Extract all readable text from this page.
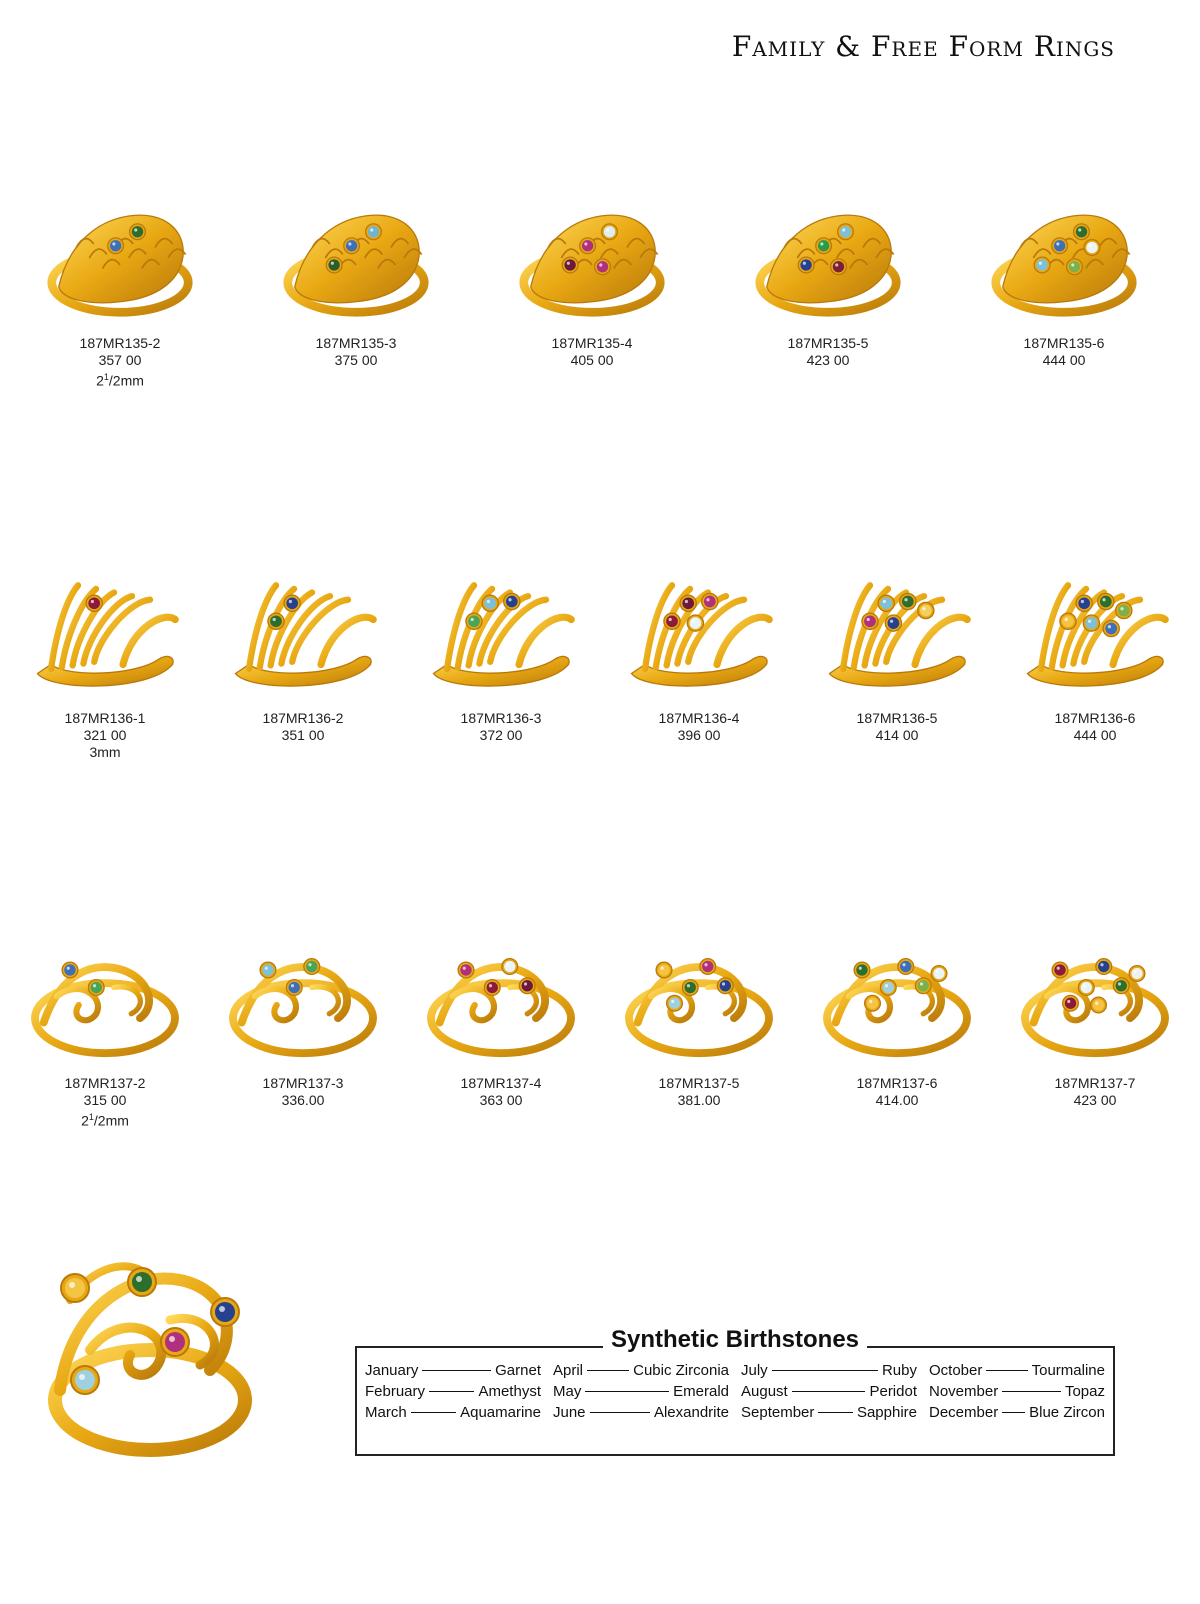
Family & Free Form Rings
187MR135-2
357 00
$2^1/2mm$
187MR135-3
375 00
187MR135-4
405 00
187MR135-5
423 00
187MR135-6
444 00
187MR136-1
321 00
3mm
187MR136-2
351 00
187MR136-3
372 00
187MR136-4
396 00
187MR136-5
414 00
187MR136-6
444 00
187MR137-2
315 00
$2^1/2mm$
187MR137-3
336.00
187MR137-4
363 00
187MR137-5
381.00
187MR137-6
414.00
187MR137-7
423 00
Synthetic Birthstones
January	Garnet April	Cubic Zirconia July	Ruby October	Tourmaline
February	Amethyst May	Emerald August	Peridot November	Topaz
March	Aquamarine June	Alexandrite September	Sapphire December Blue Zircon
